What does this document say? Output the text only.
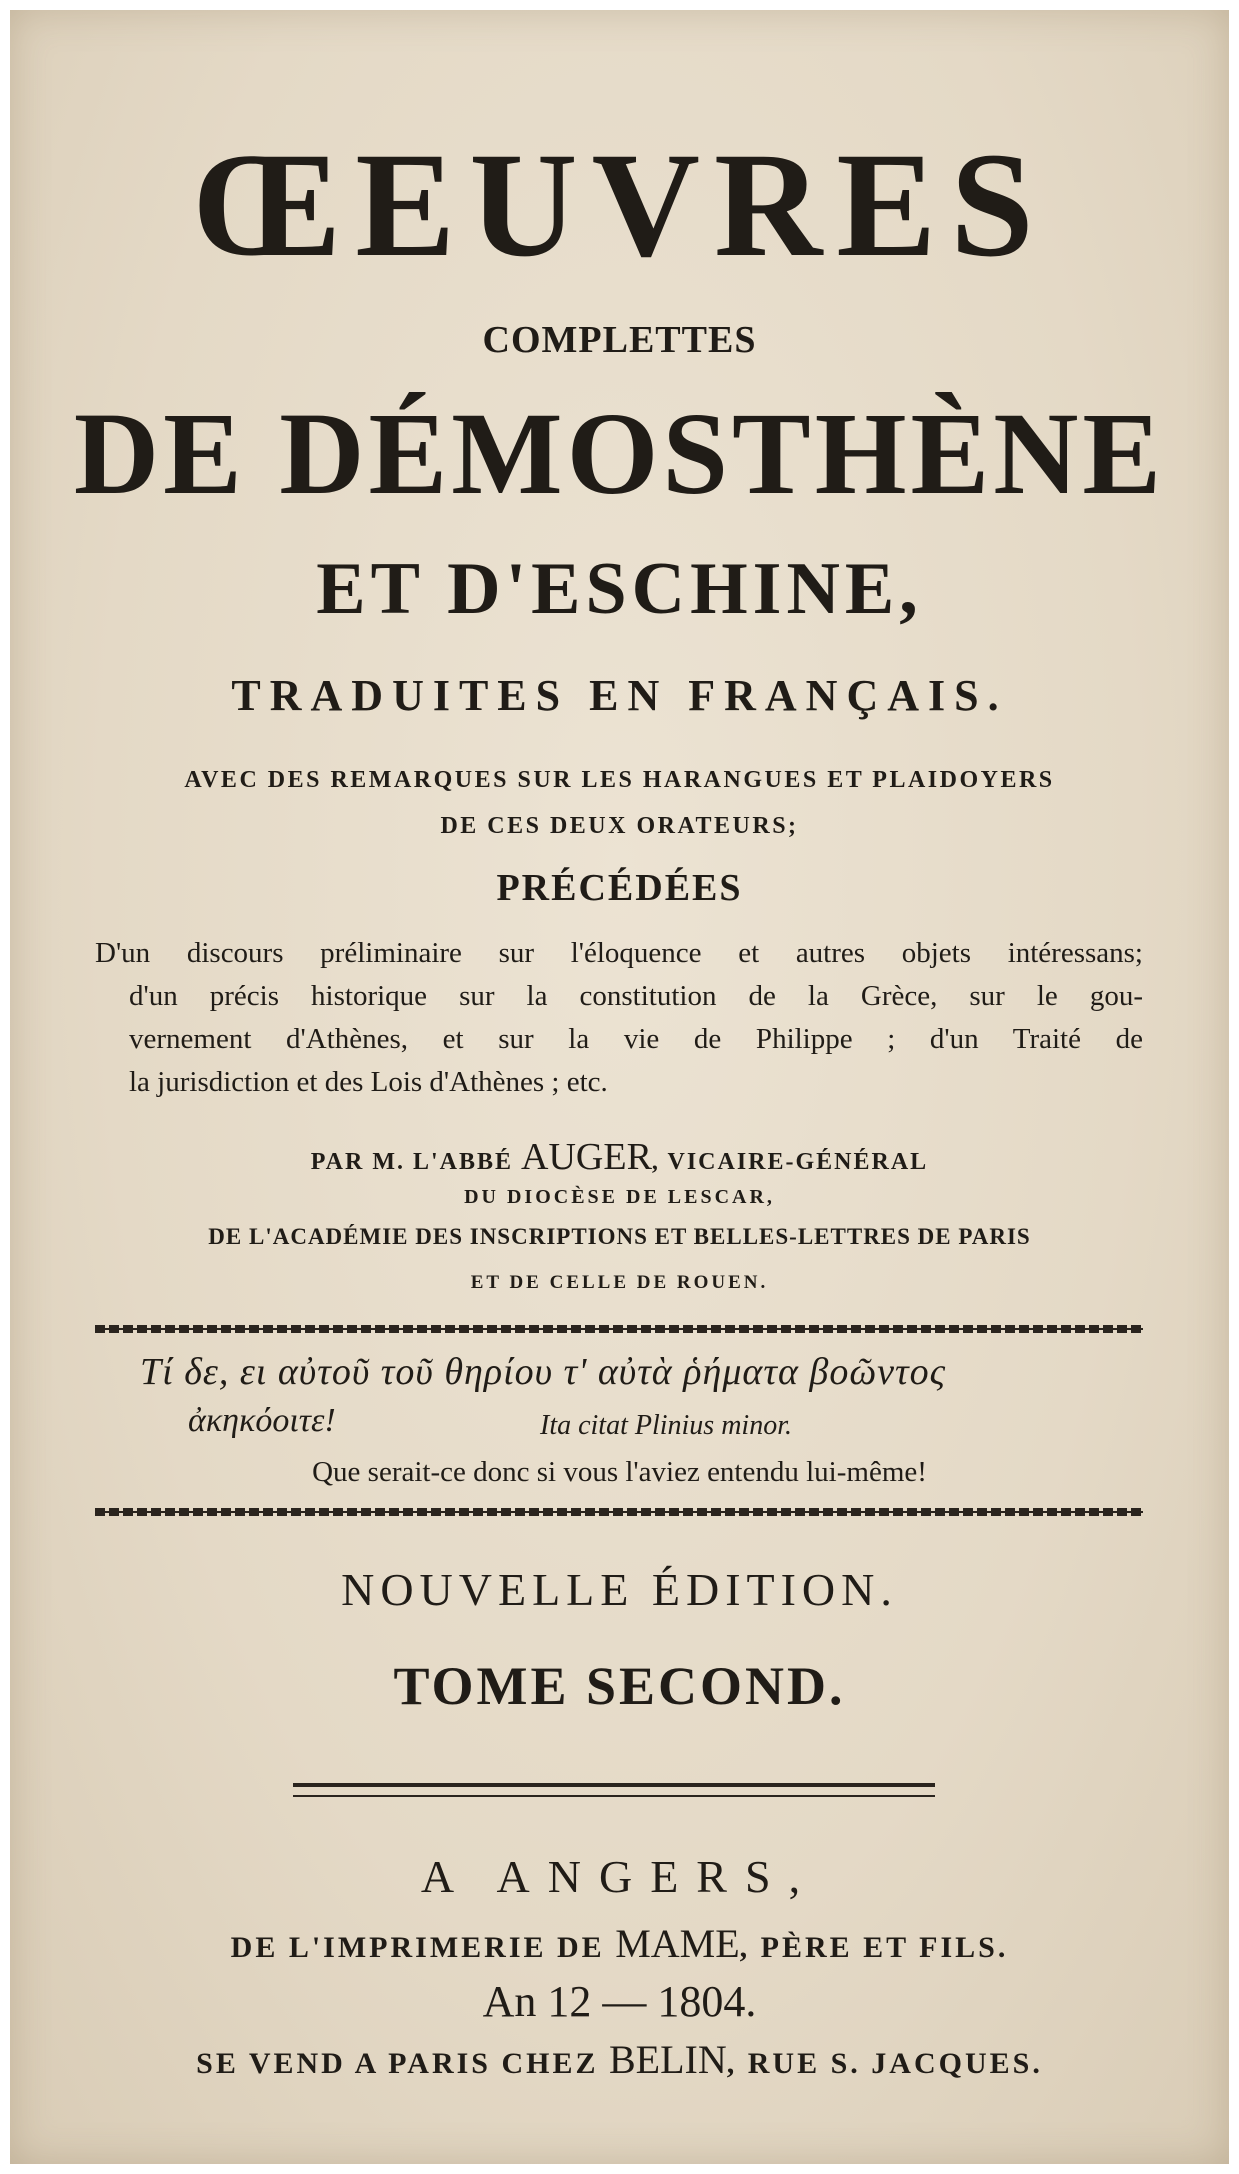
ŒEUVRES
COMPLETTES
DE DÉMOSTHÈNE
ET D'ESCHINE,
TRADUITES EN FRANÇAIS.
AVEC DES REMARQUES SUR LES HARANGUES ET PLAIDOYERS
DE CES DEUX ORATEURS;
PRÉCÉDÉES
D'un discours préliminaire sur l'éloquence et autres objets intéressans;
d'un précis historique sur la constitution de la Grèce, sur le gou-
vernement d'Athènes, et sur la vie de Philippe ; d'un Traité de
la jurisdiction et des Lois d'Athènes ; etc.
PAR M. L'ABBÉ AUGER, VICAIRE-GÉNÉRAL
DU DIOCÈSE DE LESCAR,
DE L'ACADÉMIE DES INSCRIPTIONS ET BELLES-LETTRES DE PARIS
ET DE CELLE DE ROUEN.
Τί δε, ει αὐτοῦ τοῦ θηρίου τ' αὐτὰ ῥήματα βοῶντος
ἀκηκόοιτε!	Ita citat Plinius minor.
Que serait-ce donc si vous l'aviez entendu lui-même!
NOUVELLE ÉDITION.
TOME SECOND.
A ANGERS,
DE L'IMPRIMERIE DE MAME, PÈRE ET FILS.
An 12 — 1804.
SE VEND A PARIS CHEZ BELIN, RUE S. JACQUES.
